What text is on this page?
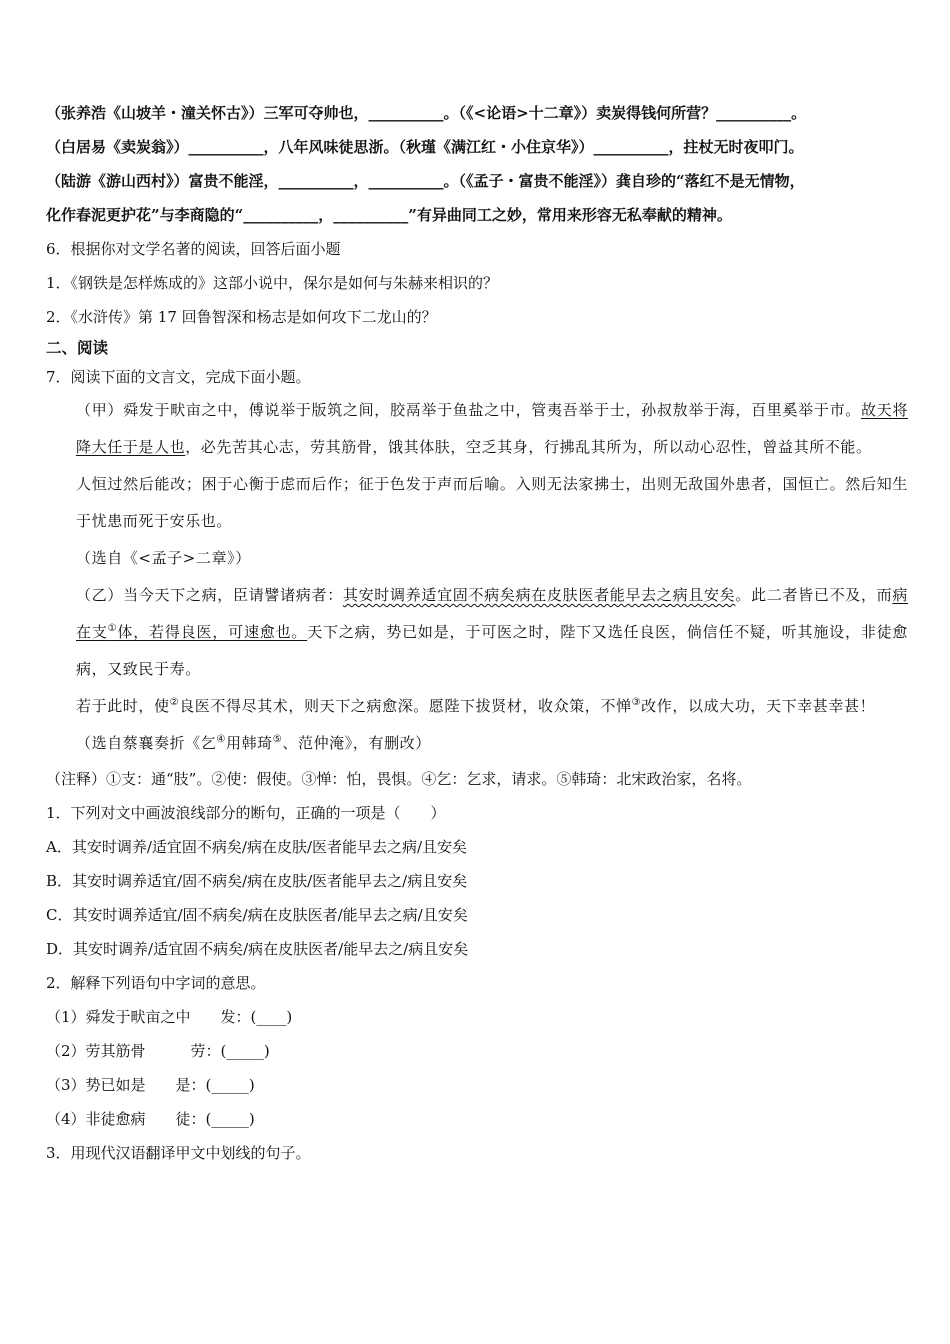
（张养浩《山坡羊・潼关怀古》）三军可夺帅也，__________。（《<论语>十二章》）卖炭得钱何所营？__________。
（白居易《卖炭翁》）__________，八年风味徒思浙。（秋瑾《满江红・小住京华》）__________，拄杖无时夜叩门。
（陆游《游山西村》）富贵不能淫，__________，__________。（《孟子・富贵不能淫》）龚自珍的“落红不是无情物，
化作春泥更护花”与李商隐的“__________，__________”有异曲同工之妙，常用来形容无私奉献的精神。
6．根据你对文学名著的阅读，回答后面小题
1．《钢铁是怎样炼成的》这部小说中，保尔是如何与朱赫来相识的？
2．《水浒传》第 17 回鲁智深和杨志是如何攻下二龙山的？
二、阅读
7．阅读下面的文言文，完成下面小题。
（甲）舜发于畎亩之中，傅说举于版筑之间，胶鬲举于鱼盐之中，管夷吾举于士，孙叔敖举于海，百里奚举于市。故天将降大任于是人也，必先苦其心志，劳其筋骨，饿其体肤，空乏其身，行拂乱其所为，所以动心忍性，曾益其所不能。
人恒过然后能改；困于心衡于虑而后作；征于色发于声而后喻。入则无法家拂士，出则无敌国外患者，国恒亡。然后知生于忧患而死于安乐也。
（选自《<孟子>二章》）
（乙）当今天下之病，臣请譬诸病者：其安时调养适宜固不病矣病在皮肤医者能早去之病且安矣。此二者皆已不及，而病在支①体，若得良医，可速愈也。天下之病，势已如是，于可医之时，陛下又选任良医，倘信任不疑，听其施设，非徒愈病，又致民于寿。
若于此时，使②良医不得尽其术，则天下之病愈深。愿陛下拔贤材，收众策，不惮③改作，以成大功，天下幸甚幸甚！
（选自蔡襄奏折《乞④用韩琦⑤、范仲淹》，有删改）
（注释）①支：通“肢”。②使：假使。③惮：怕，畏惧。④乞：乞求，请求。⑤韩琦：北宋政治家，名将。
1．下列对文中画波浪线部分的断句，正确的一项是（　　）
A．其安时调养/适宜固不病矣/病在皮肤/医者能早去之病/且安矣
B．其安时调养适宜/固不病矣/病在皮肤/医者能早去之/病且安矣
C．其安时调养适宜/固不病矣/病在皮肤医者/能早去之病/且安矣
D．其安时调养/适宜固不病矣/病在皮肤医者/能早去之/病且安矣
2．解释下列语句中字词的意思。
（1）舜发于畎亩之中　　发：(____)
（2）劳其筋骨　　　劳：(_____)
（3）势已如是　　是：(_____)
（4）非徒愈病　　徒：(_____)
3．用现代汉语翻译甲文中划线的句子。
